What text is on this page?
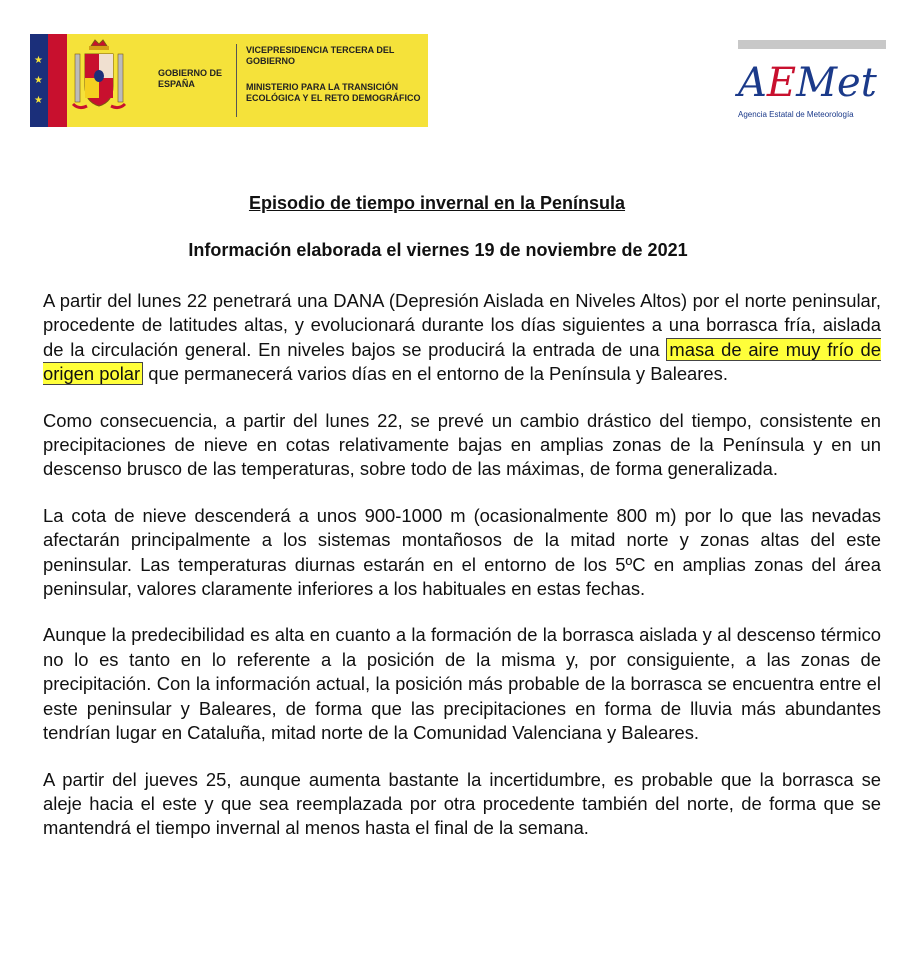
★
★
★
GOBIERNO DE ESPAÑA
VICEPRESIDENCIA TERCERA DEL GOBIERNO
MINISTERIO PARA LA TRANSICIÓN ECOLÓGICA Y EL RETO DEMOGRÁFICO	AEMet
Agencia Estatal de Meteorología
Episodio de tiempo invernal en la Península
Información elaborada el viernes 19 de noviembre de 2021

A partir del lunes 22 penetrará una DANA (Depresión Aislada en Niveles Altos) por el norte peninsular, procedente de latitudes altas, y evolucionará durante los días siguientes a una borrasca fría, aislada de la circulación general. En niveles bajos se producirá la entrada de una masa de aire muy frío de origen polar que permanecerá varios días en el entorno de la Península y Baleares.

Como consecuencia, a partir del lunes 22, se prevé un cambio drástico del tiempo, consistente en precipitaciones de nieve en cotas relativamente bajas en amplias zonas de la Península y en un descenso brusco de las temperaturas, sobre todo de las máximas, de forma generalizada.

La cota de nieve descenderá a unos 900-1000 m (ocasionalmente 800 m) por lo que las nevadas afectarán principalmente a los sistemas montañosos de la mitad norte y zonas altas del este peninsular. Las temperaturas diurnas estarán en el entorno de los 5ºC en amplias zonas del área peninsular, valores claramente inferiores a los habituales en estas fechas.

Aunque la predecibilidad es alta en cuanto a la formación de la borrasca aislada y al descenso térmico no lo es tanto en lo referente a la posición de la misma y, por consiguiente, a las zonas de precipitación. Con la información actual, la posición más probable de la borrasca se encuentra entre el este peninsular y Baleares, de forma que las precipitaciones en forma de lluvia más abundantes tendrían lugar en Cataluña, mitad norte de la Comunidad Valenciana y Baleares.

A partir del jueves 25, aunque aumenta bastante la incertidumbre, es probable que la borrasca se aleje hacia el este y que sea reemplazada por otra procedente también del norte, de forma que se mantendrá el tiempo invernal al menos hasta el final de la semana.
